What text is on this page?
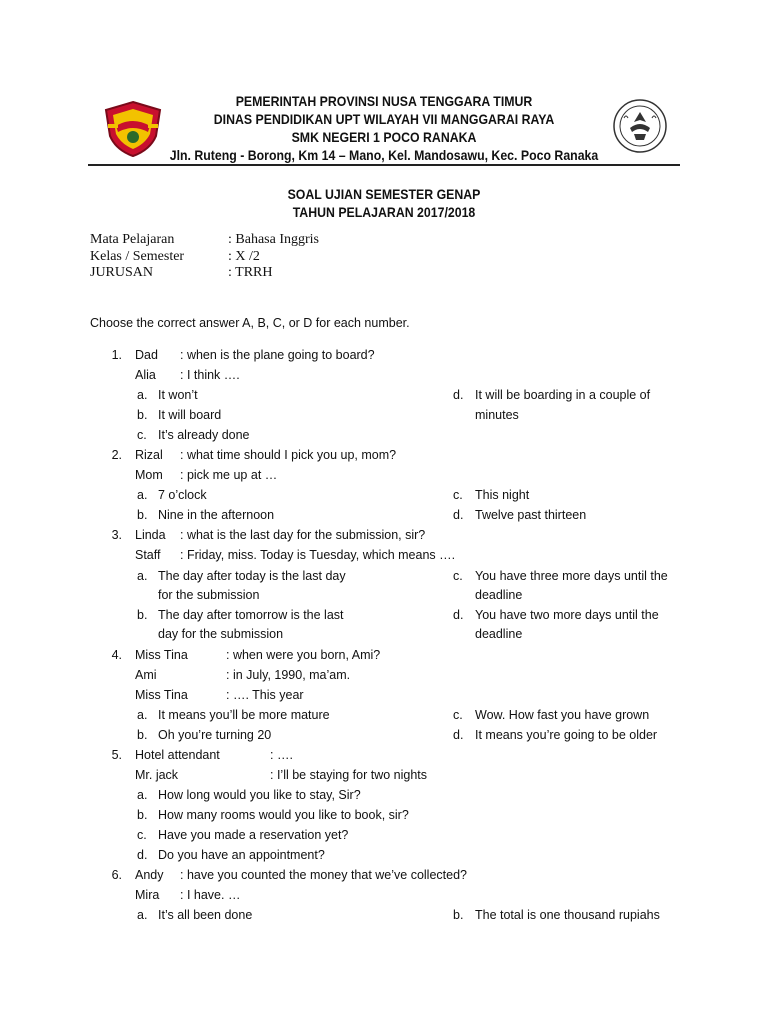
PEMERINTAH PROVINSI NUSA TENGGARA TIMUR
DINAS PENDIDIKAN UPT WILAYAH VII MANGGARAI RAYA
SMK NEGERI 1 POCO RANAKA
Jln. Ruteng - Borong, Km 14 – Mano, Kel. Mandosawu, Kec. Poco Ranaka
SOAL UJIAN SEMESTER GENAP
TAHUN PELAJARAN 2017/2018
Mata Pelajaran	: Bahasa Inggris
Kelas / Semester	: X /2
JURUSAN	: TRRH
Choose the correct answer A, B, C, or D for each number.
1. Dad : when is the plane going to board?
Alia : I think ….
a. It won’t
b. It will board
c. It’s already done
d. It will be boarding in a couple of
minutes
2. Rizal : what time should I pick you up, mom?
Mom : pick me up at …
a. 7 o’clock
b. Nine in the afternoon
c. This night
d. Twelve past thirteen
3. Linda : what is the last day for the submission, sir?
Staff : Friday, miss. Today is Tuesday, which means ….
a. The day after today is the last day
for the submission
b. The day after tomorrow is the last
day for the submission
c. You have three more days until the
deadline
d. You have two more days until the
deadline
4. Miss Tina	: when were you born, Ami?
Ami	: in July, 1990, ma’am.
Miss Tina	: …. This year
a. It means you’ll be more mature
b. Oh you’re turning 20
c. Wow. How fast you have grown
d. It means you’re going to be older
5. Hotel attendant	: ….
Mr. jack	: I’ll be staying for two nights
a. How long would you like to stay, Sir?
b. How many rooms would you like to book, sir?
c. Have you made a reservation yet?
d. Do you have an appointment?
6. Andy : have you counted the money that we’ve collected?
Mira : I have. …
a. It’s all been done	b. The total is one thousand rupiahs
